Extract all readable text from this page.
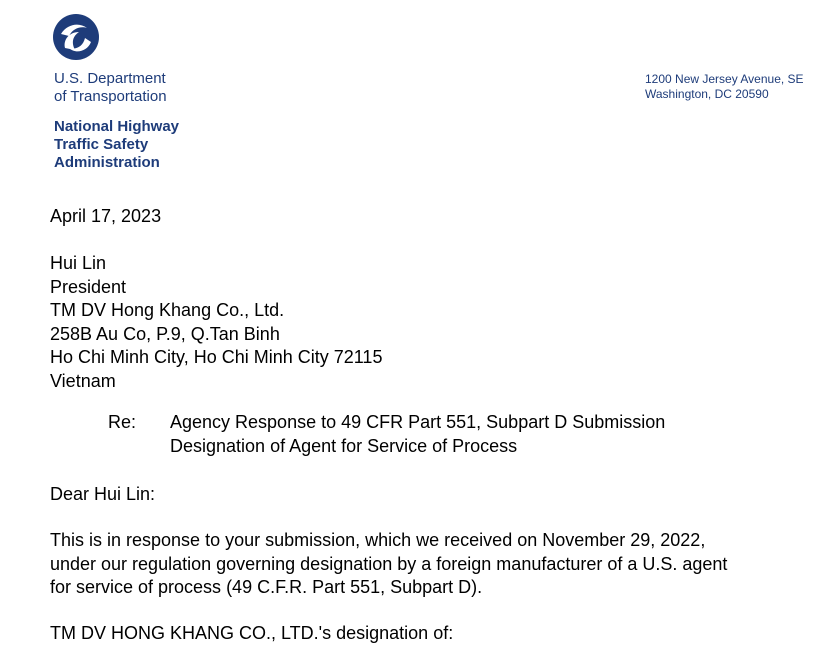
U.S. Department
of Transportation
National Highway
Traffic Safety
Administration
1200 New Jersey Avenue, SE
Washington, DC 20590
April 17, 2023
Hui Lin
President
TM DV Hong Khang Co., Ltd.
258B Au Co, P.9, Q.Tan Binh
Ho Chi Minh City, Ho Chi Minh City 72115
Vietnam
Re: Agency Response to 49 CFR Part 551, Subpart D Submission
Designation of Agent for Service of Process
Dear Hui Lin:
This is in response to your submission, which we received on November 29, 2022,
under our regulation governing designation by a foreign manufacturer of a U.S. agent
for service of process (49 C.F.R. Part 551, Subpart D).
TM DV HONG KHANG CO., LTD.'s designation of:
